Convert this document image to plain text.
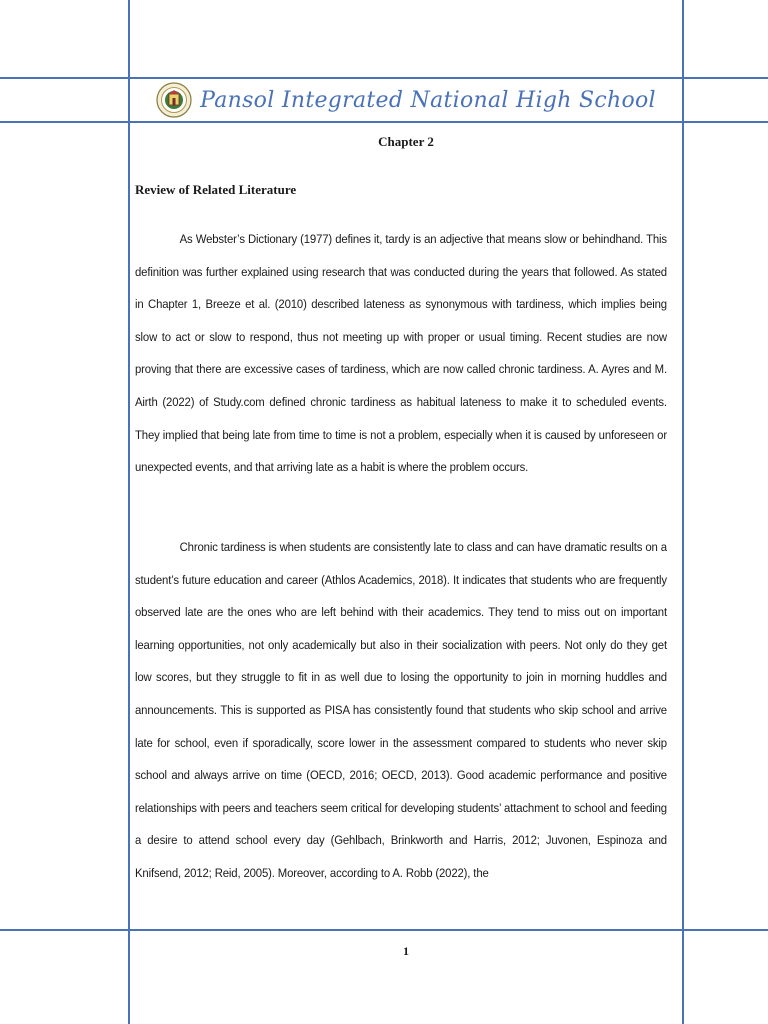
Pansol Integrated National High School
Chapter 2
Review of Related Literature
As Webster’s Dictionary (1977) defines it, tardy is an adjective that means slow or behindhand. This definition was further explained using research that was conducted during the years that followed. As stated in Chapter 1, Breeze et al. (2010) described lateness as synonymous with tardiness, which implies being slow to act or slow to respond, thus not meeting up with proper or usual timing. Recent studies are now proving that there are excessive cases of tardiness, which are now called chronic tardiness. A. Ayres and M. Airth (2022) of Study.com defined chronic tardiness as habitual lateness to make it to scheduled events. They implied that being late from time to time is not a problem, especially when it is caused by unforeseen or unexpected events, and that arriving late as a habit is where the problem occurs.
Chronic tardiness is when students are consistently late to class and can have dramatic results on a student’s future education and career (Athlos Academics, 2018). It indicates that students who are frequently observed late are the ones who are left behind with their academics. They tend to miss out on important learning opportunities, not only academically but also in their socialization with peers. Not only do they get low scores, but they struggle to fit in as well due to losing the opportunity to join in morning huddles and announcements. This is supported as PISA has consistently found that students who skip school and arrive late for school, even if sporadically, score lower in the assessment compared to students who never skip school and always arrive on time (OECD, 2016; OECD, 2013). Good academic performance and positive relationships with peers and teachers seem critical for developing students’ attachment to school and feeding a desire to attend school every day (Gehlbach, Brinkworth and Harris, 2012; Juvonen, Espinoza and Knifsend, 2012; Reid, 2005). Moreover, according to A. Robb (2022), the
1
